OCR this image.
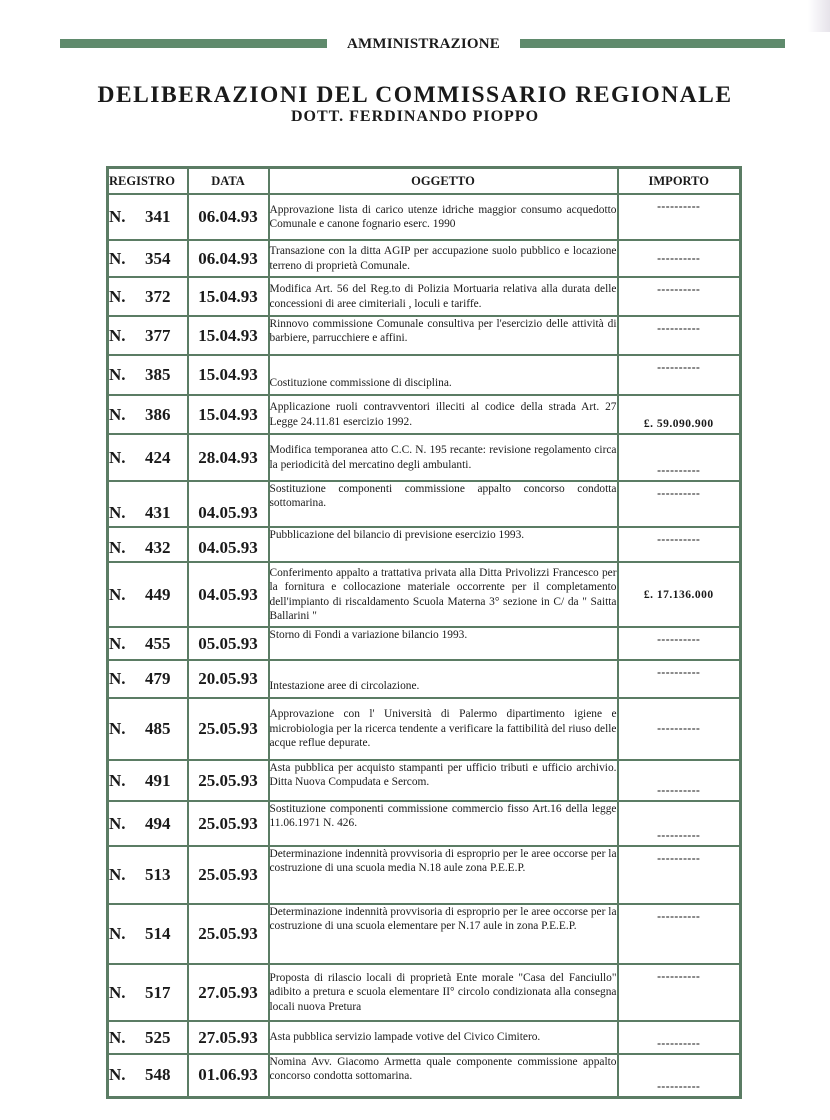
AMMINISTRAZIONE
DELIBERAZIONI DEL COMMISSARIO REGIONALE
DOTT. FERDINANDO PIOPPO
REGISTRO	DATA	OGGETTO	IMPORTO
N. 341	06.04.93	Approvazione lista di carico utenze idriche maggior consumo acquedotto Comunale e canone fognario eserc. 1990	----------
N. 354	06.04.93	Transazione con la ditta AGIP per accupazione suolo pubblico e locazione terreno di proprietà Comunale.	----------
N. 372	15.04.93	Modifica Art. 56 del Reg.to di Polizia Mortuaria relativa alla durata delle concessioni di aree cimiteriali , loculi e tariffe.	----------
N. 377	15.04.93	Rinnovo commissione Comunale consultiva per l'esercizio delle attività di barbiere, parrucchiere e affini.	----------
N. 385	15.04.93	Costituzione commissione di disciplina.	----------
N. 386	15.04.93	Applicazione ruoli contravventori illeciti al codice della strada Art. 27 Legge 24.11.81 esercizio 1992.	£. 59.090.900
N. 424	28.04.93	Modifica temporanea atto C.C. N. 195 recante: revisione regolamento circa la periodicità del mercatino degli ambulanti.	----------
N. 431	04.05.93	Sostituzione componenti commissione appalto concorso condotta sottomarina.	----------
N. 432	04.05.93	Pubblicazione del bilancio di previsione esercizio 1993.	----------
N. 449	04.05.93	Conferimento appalto a trattativa privata alla Ditta Privolizzi Francesco per la fornitura e collocazione materiale occorrente per il completamento dell'impianto di riscaldamento Scuola Materna 3° sezione in C/ da " Saitta Ballarini "	£. 17.136.000
N. 455	05.05.93	Storno di Fondi a variazione bilancio 1993.	----------
N. 479	20.05.93	Intestazione aree di circolazione.	----------
N. 485	25.05.93	Approvazione con l' Università di Palermo dipartimento igiene e microbiologia per la ricerca tendente a verificare la fattibilità del riuso delle acque reflue depurate.	----------
N. 491	25.05.93	Asta pubblica per acquisto stampanti per ufficio tributi e ufficio archivio. Ditta Nuova Compudata e Sercom.	----------
N. 494	25.05.93	Sostituzione componenti commissione commercio fisso Art.16 della legge 11.06.1971 N. 426.	----------
N. 513	25.05.93	Determinazione indennità provvisoria di esproprio per le aree occorse per la costruzione di una scuola media N.18 aule zona P.E.E.P.	----------
N. 514	25.05.93	Determinazione indennità provvisoria di esproprio per le aree occorse per la costruzione di una scuola elementare per N.17 aule in zona P.E.E.P.	----------
N. 517	27.05.93	Proposta di rilascio locali di proprietà Ente morale "Casa del Fanciullo" adibito a pretura e scuola elementare II° circolo condizionata alla consegna locali nuova Pretura	----------
N. 525	27.05.93	Asta pubblica servizio lampade votive del Civico Cimitero.	----------
N. 548	01.06.93	Nomina Avv. Giacomo Armetta quale componente commissione appalto concorso condotta sottomarina.	----------
